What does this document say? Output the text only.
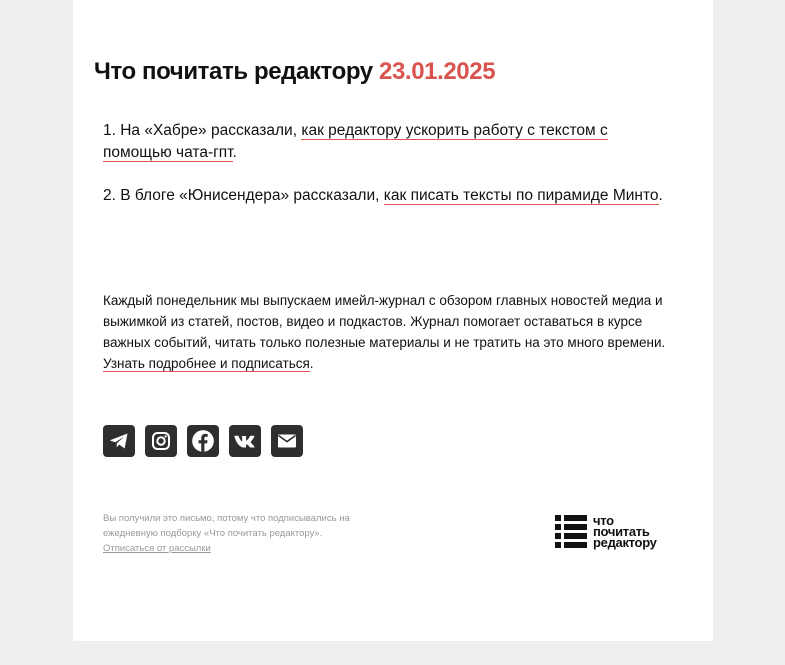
Что почитать редактору 23.01.2025

1. На «Хабре» рассказали, как редактору ускорить работу с текстом с помощью чата-гпт.

2. В блоге «Юнисендера» рассказали, как писать тексты по пирамиде Минто.

Каждый понедельник мы выпускаем имейл-журнал с обзором главных новостей медиа и выжимкой из статей, постов, видео и подкастов. Журнал помогает оставаться в курсе важных событий, читать только полезные материалы и не тратить на это много времени. Узнать подробнее и подписаться.

Вы получили это письмо, потому что подписывались на ежедневную подборку «Что почитать редактору».
Отписаться от рассылки

что
почитать
редактору
